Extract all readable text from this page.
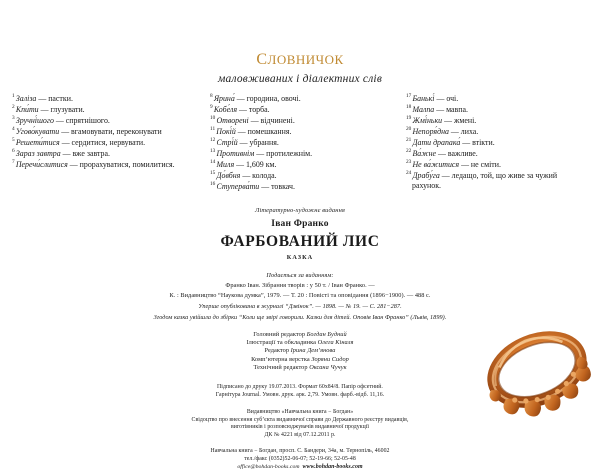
словничок
маловживаних і діалектних слів
$^1$Заліза — пастки.
$^2$Кпи́ти — глузувати.
$^3$Зручні́шого — спрятнішого.
$^4$Угово́кувати — вгамовувати, переконувати
$^5$Решети́тися — сердитися, нервувати.
$^6$Зараз завтра — вже завтра.
$^7$Перечи́слитися — прорахуватися, помилитися.
$^8$Ярина́ — городина, овочі.
$^9$Кобе́ля — торба.
$^{10}$Отворені — відчинені.
$^{11}$Покі́й — помешкання.
$^{12}$Стрі́й — убрання.
$^{13}$Противнім — протилежнім.
$^{14}$Миля — 1,609 км.
$^{15}$До́вбня — колода.
$^{16}$Ступерва́ти — товкач.
$^{17}$Банькі́ — очі.
$^{18}$Малпа — мавпа.
$^{19}$Жмі́ньки — жмені.
$^{20}$Непоря́дна — лиха.
$^{21}$Дати драпака́ — втікти.
$^{22}$Ва́жне — важливе.
$^{23}$Не ва́житися — не сміти.
$^{24}$Драбу́га — ледащо, той, що живе за чужий рахунок.
Літературно-художнє видання
Іван Франко
ФАРБОВАНИЙ ЛИС
КАЗКА
Подається за виданням:
Франко Іван. Зібрання творів : у 50 т. / Іван Франко. —
К. : Видавництво “Наукова думка”, 1979. — Т. 20 : Повісті та оповідання (1896−1900). — 488 с.
Уперше опублікована в журналі “Дзвінок”. — 1898. — № 19. — С. 281−287.
Згодом казка увійшла до збірки “Коли ще звірі говорили. Казки для дітей. Оповів Іван Франко” (Львів, 1899).
Головний редактор Богдан Будний
Ілюстрації та обкладинка Олега Кіналя
Редактор Ірина Дем’янова
Комп’ютерна верстка Зоряни Сидор
Технічний редактор Оксана Чучук
Підписано до друку 19.07.2013. Формат 60х84/8. Папір офсетний.
Гарнітура Journal. Умовн. друк. арк. 2,79. Умовн. фарб.-відб. 11,16.
Видавництво «Навчальна книга − Богдан»
Свідоцтво про внесення суб’єкта видавничої справи до Державного реєстру видавців,
виготівників і розповсюджувачів видавничої продукції
ДК № 4221 від 07.12.2011 р.
Навчальна книга − Богдан, просп. С. Бандери, 34а, м. Тернопіль, 46002
тел./факс (0352)52-06-07; 52-19-66; 52-05-48
office@bohdan-books.com www.bohdan-books.com
